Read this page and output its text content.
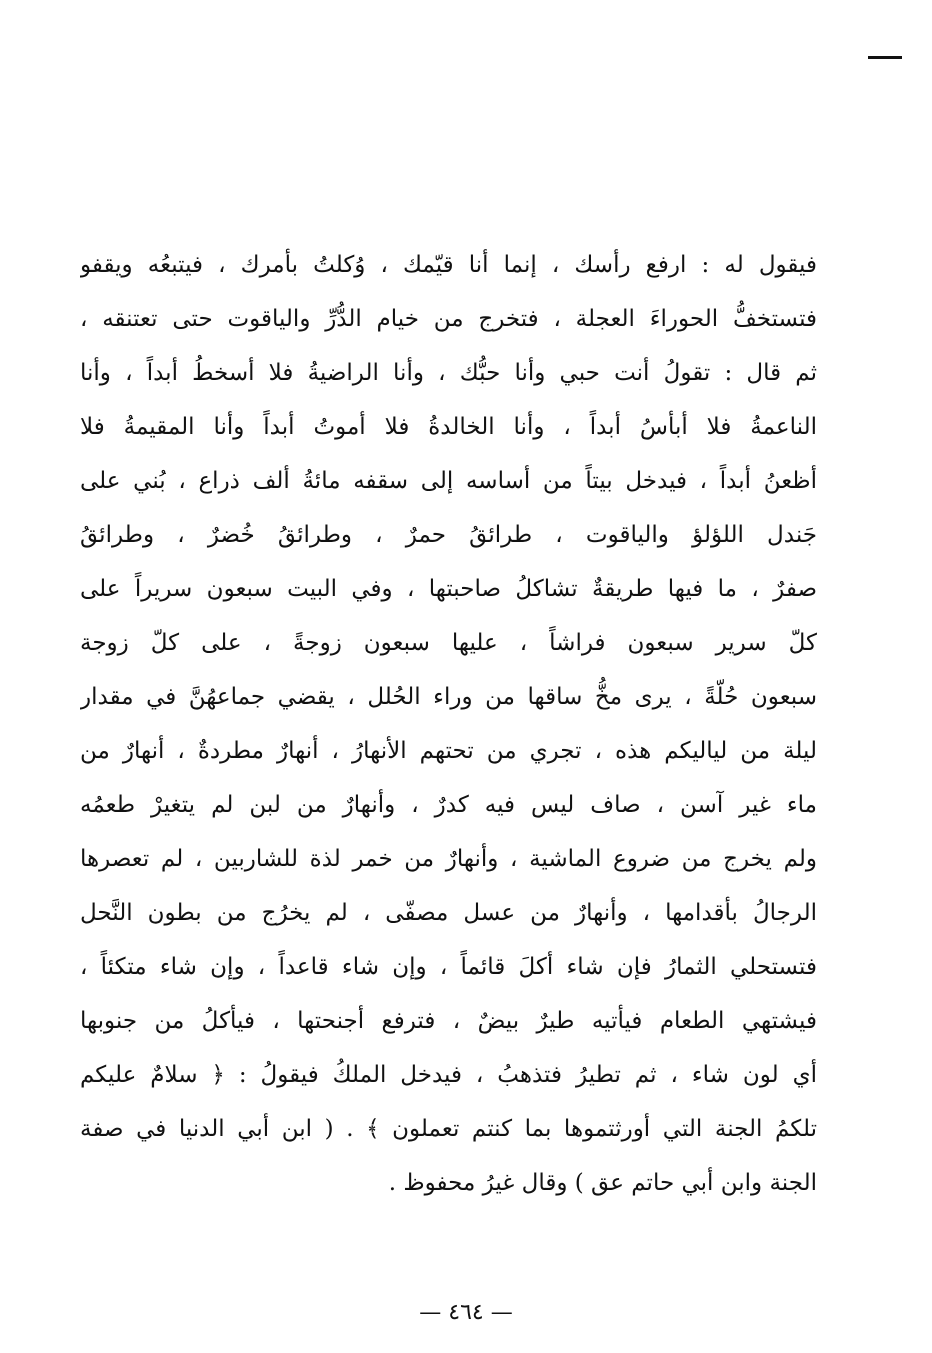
فيقول له : ارفع رأسك ، إنما أنا قيّمك ، وُكلتُ بأمرك ، فيتبعُه ويقفو
فتستخفُّ الحوراءَ العجلة ، فتخرج من خيام الدُّرِّ والياقوت حتى تعتنقه ،
ثم قال : تقولُ أنت حبي وأنا حبُّك ، وأنا الراضيةُ فلا أسخطُ أبداً ، وأنا
الناعمةُ فلا أبأسُ أبداً ، وأنا الخالدةُ فلا أموتُ أبداً وأنا المقيمةُ فلا
أظعنُ أبداً ، فيدخل بيتاً من أساسه إلى سقفه مائةُ ألف ذراع ، بُني على
جَندل اللؤلؤ والياقوت ، طرائقُ حمرٌ ، وطرائقُ خُضرٌ ، وطرائقُ
صفرٌ ، ما فيها طريقةٌ تشاكلُ صاحبتها ، وفي البيت سبعون سريراً على
كلّ سرير سبعون فراشاً ، عليها سبعون زوجةً ، على كلّ زوجة
سبعون حُلّةً ، يرى مخُّ ساقها من وراء الحُلل ، يقضي جماعهُنَّ في مقدار
ليلة من لياليكم هذه ، تجري من تحتهم الأنهارُ ، أنهارٌ مطردةٌ ، أنهارٌ من
ماء غير آسن ، صاف ليس فيه كدرٌ ، وأنهارٌ من لبن لم يتغيرْ طعمُه
ولم يخرج من ضروع الماشية ، وأنهارٌ من خمر لذة للشاربين ، لم تعصرها
الرجالُ بأقدامها ، وأنهارٌ من عسل مصفّى ، لم يخرُج من بطون النَّحل
فتستحلي الثمارُ فإن شاء أكلَ قائماً ، وإن شاء قاعداً ، وإن شاء متكئاً ،
فيشتهي الطعام فيأتيه طيرٌ بيضٌ ، فترفع أجنحتها ، فيأكلُ من جنوبها
أي لون شاء ، ثم تطيرُ فتذهبُ ، فيدخل الملكُ فيقولُ : ﴿ سلامٌ عليكم
تلكمُ الجنة التي أورثتموها بما كنتم تعملون ﴾ . ( ابن أبي الدنيا في صفة
الجنة وابن أبي حاتم عق ) وقال غيرُ محفوظ .
— ٤٦٤ —
